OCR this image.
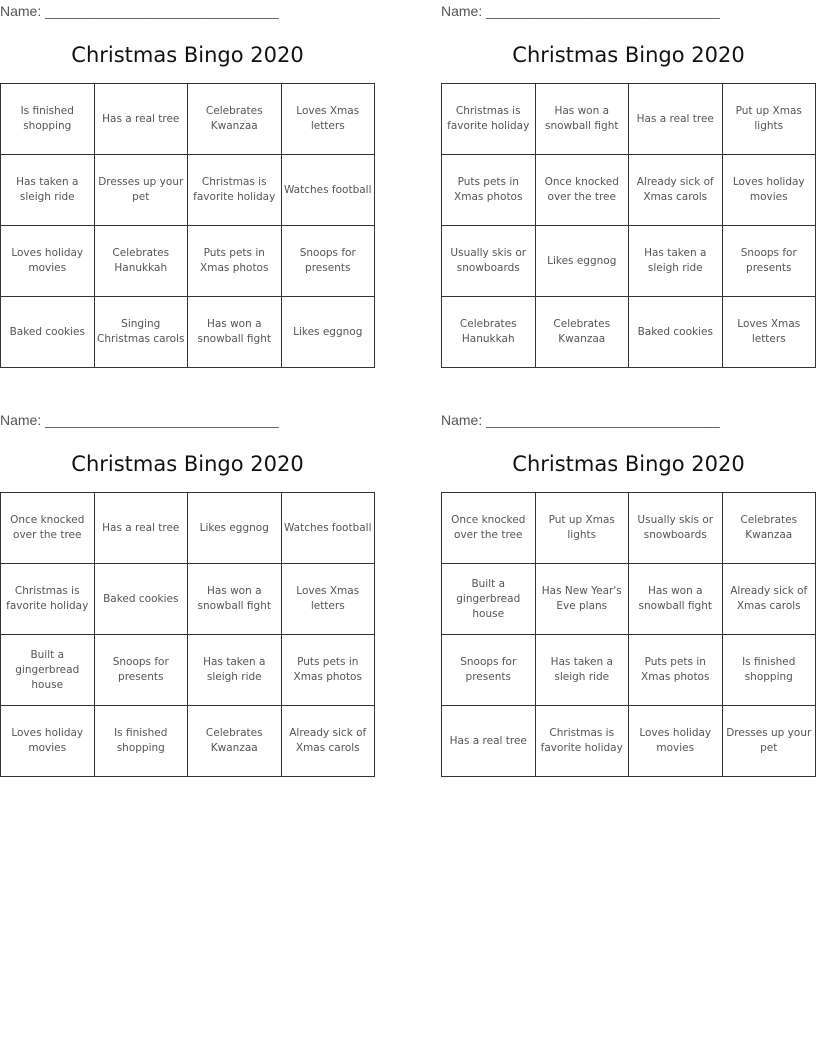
Name: ______________________________
Christmas Bingo 2020
Is finished shopping	Has a real tree	Celebrates Kwanzaa	Loves Xmas letters
Has taken a sleigh ride	Dresses up your pet	Christmas is favorite holiday	Watches football
Loves holiday movies	Celebrates Hanukkah	Puts pets in Xmas photos	Snoops for presents
Baked cookies	Singing Christmas carols	Has won a snowball fight	Likes eggnog
Name: ______________________________
Christmas Bingo 2020
Christmas is favorite holiday	Has won a snowball fight	Has a real tree	Put up Xmas lights
Puts pets in Xmas photos	Once knocked over the tree	Already sick of Xmas carols	Loves holiday movies
Usually skis or snowboards	Likes eggnog	Has taken a sleigh ride	Snoops for presents
Celebrates Hanukkah	Celebrates Kwanzaa	Baked cookies	Loves Xmas letters
Name: ______________________________
Christmas Bingo 2020
Once knocked over the tree	Has a real tree	Likes eggnog	Watches football
Christmas is favorite holiday	Baked cookies	Has won a snowball fight	Loves Xmas letters
Built a gingerbread house	Snoops for presents	Has taken a sleigh ride	Puts pets in Xmas photos
Loves holiday movies	Is finished shopping	Celebrates Kwanzaa	Already sick of Xmas carols
Name: ______________________________
Christmas Bingo 2020
Once knocked over the tree	Put up Xmas lights	Usually skis or snowboards	Celebrates Kwanzaa
Built a gingerbread house	Has New Year's Eve plans	Has won a snowball fight	Already sick of Xmas carols
Snoops for presents	Has taken a sleigh ride	Puts pets in Xmas photos	Is finished shopping
Has a real tree	Christmas is favorite holiday	Loves holiday movies	Dresses up your pet
